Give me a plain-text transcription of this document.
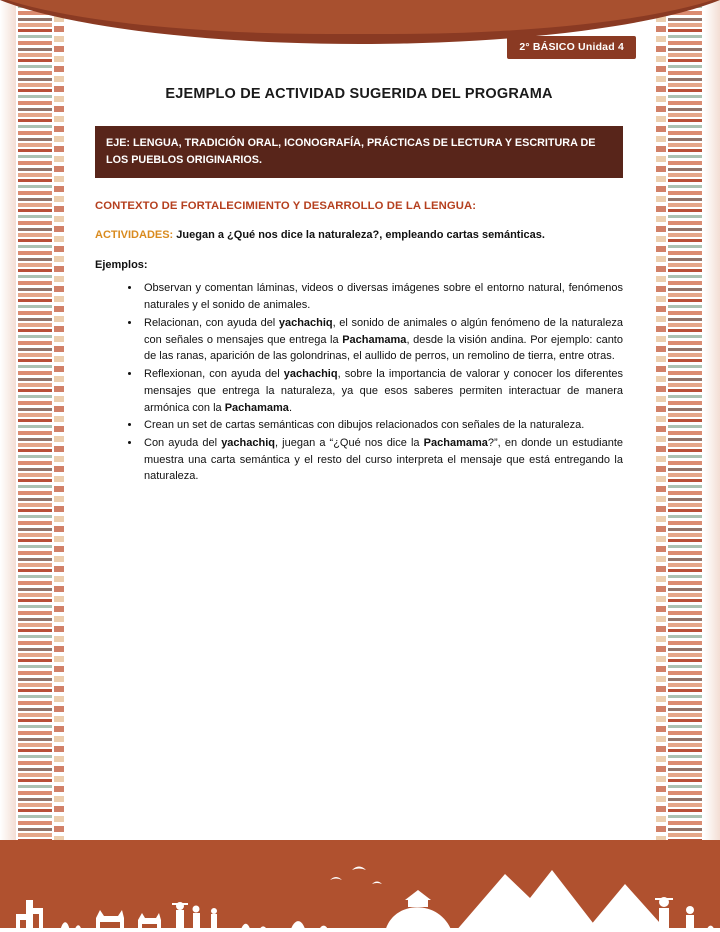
2° BÁSICO Unidad 4
EJEMPLO DE ACTIVIDAD SUGERIDA DEL PROGRAMA
EJE: LENGUA, TRADICIÓN ORAL, ICONOGRAFÍA, PRÁCTICAS DE LECTURA Y ESCRITURA DE LOS PUEBLOS ORIGINARIOS.
CONTEXTO DE FORTALECIMIENTO Y DESARROLLO DE LA LENGUA:
ACTIVIDADES: Juegan a ¿Qué nos dice la naturaleza?, empleando cartas semánticas.
Ejemplos:
• Observan y comentan láminas, videos o diversas imágenes sobre el entorno natural, fenómenos naturales y el sonido de animales.
• Relacionan, con ayuda del yachachiq, el sonido de animales o algún fenómeno de la naturaleza con señales o mensajes que entrega la Pachamama, desde la visión andina. Por ejemplo: canto de las ranas, aparición de las golondrinas, el aullido de perros, un remolino de tierra, entre otras.
• Reflexionan, con ayuda del yachachiq, sobre la importancia de valorar y conocer los diferentes mensajes que entrega la naturaleza, ya que esos saberes permiten interactuar de manera armónica con la Pachamama.
• Crean un set de cartas semánticas con dibujos relacionados con señales de la naturaleza.
• Con ayuda del yachachiq, juegan a “¿Qué nos dice la Pachamama?”, en donde un estudiante muestra una carta semántica y el resto del curso interpreta el mensaje que está entregando la naturaleza.
